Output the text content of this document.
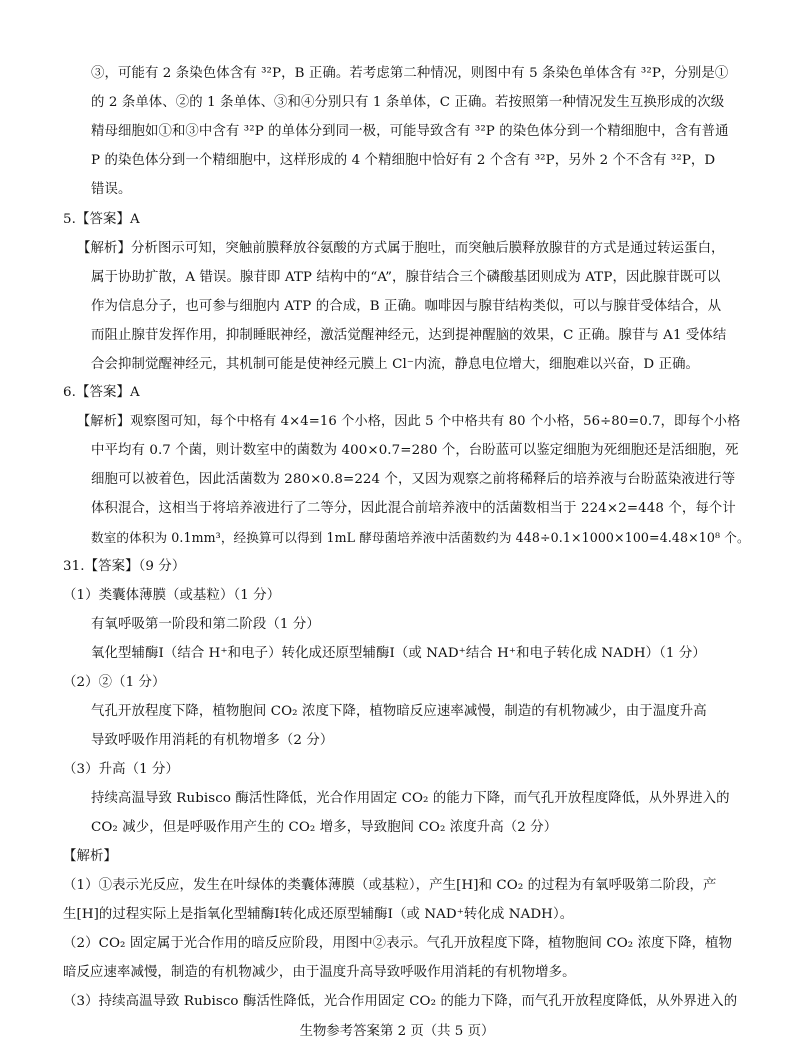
③，可能有 2 条染色体含有 ³²P，B 正确。若考虑第二种情况，则图中有 5 条染色单体含有 ³²P，分别是①

的 2 条单体、②的 1 条单体、③和④分别只有 1 条单体，C 正确。若按照第一种情况发生互换形成的次级

精母细胞如①和③中含有 ³²P 的单体分到同一极，可能导致含有 ³²P 的染色体分到一个精细胞中，含有普通

P 的染色体分到一个精细胞中，这样形成的 4 个精细胞中恰好有 2 个含有 ³²P，另外 2 个不含有 ³²P，D

错误。

5.【答案】A

【解析】分析图示可知，突触前膜释放谷氨酸的方式属于胞吐，而突触后膜释放腺苷的方式是通过转运蛋白，

属于协助扩散，A 错误。腺苷即 ATP 结构中的“A”，腺苷结合三个磷酸基团则成为 ATP，因此腺苷既可以

作为信息分子，也可参与细胞内 ATP 的合成，B 正确。咖啡因与腺苷结构类似，可以与腺苷受体结合，从

而阻止腺苷发挥作用，抑制睡眠神经，激活觉醒神经元，达到提神醒脑的效果，C 正确。腺苷与 A1 受体结

合会抑制觉醒神经元，其机制可能是使神经元膜上 Cl⁻内流，静息电位增大，细胞难以兴奋，D 正确。

6.【答案】A

【解析】观察图可知，每个中格有 4×4=16 个小格，因此 5 个中格共有 80 个小格，56÷80=0.7，即每个小格

中平均有 0.7 个菌，则计数室中的菌数为 400×0.7=280 个，台盼蓝可以鉴定细胞为死细胞还是活细胞，死

细胞可以被着色，因此活菌数为 280×0.8=224 个，又因为观察之前将稀释后的培养液与台盼蓝染液进行等

体积混合，这相当于将培养液进行了二等分，因此混合前培养液中的活菌数相当于 224×2=448 个，每个计

数室的体积为 0.1mm³，经换算可以得到 1mL 酵母菌培养液中活菌数约为 448÷0.1×1000×100=4.48×10⁸ 个。

31.【答案】（9 分）

（1）类囊体薄膜（或基粒）（1 分）

有氧呼吸第一阶段和第二阶段（1 分）

氧化型辅酶Ⅰ（结合 H⁺和电子）转化成还原型辅酶Ⅰ（或 NAD⁺结合 H⁺和电子转化成 NADH）（1 分）

（2）②（1 分）

气孔开放程度下降，植物胞间 CO₂ 浓度下降，植物暗反应速率减慢，制造的有机物减少，由于温度升高

导致呼吸作用消耗的有机物增多（2 分）

（3）升高（1 分）

持续高温导致 Rubisco 酶活性降低，光合作用固定 CO₂ 的能力下降，而气孔开放程度降低，从外界进入的

CO₂ 减少，但是呼吸作用产生的 CO₂ 增多，导致胞间 CO₂ 浓度升高（2 分）

【解析】

（1）①表示光反应，发生在叶绿体的类囊体薄膜（或基粒），产生[H]和 CO₂ 的过程为有氧呼吸第二阶段，产

生[H]的过程实际上是指氧化型辅酶Ⅰ转化成还原型辅酶Ⅰ（或 NAD⁺转化成 NADH）。

（2）CO₂ 固定属于光合作用的暗反应阶段，用图中②表示。气孔开放程度下降，植物胞间 CO₂ 浓度下降，植物

暗反应速率减慢，制造的有机物减少，由于温度升高导致呼吸作用消耗的有机物增多。

（3）持续高温导致 Rubisco 酶活性降低，光合作用固定 CO₂ 的能力下降，而气孔开放程度降低，从外界进入的

生物参考答案第 2 页（共 5 页）
